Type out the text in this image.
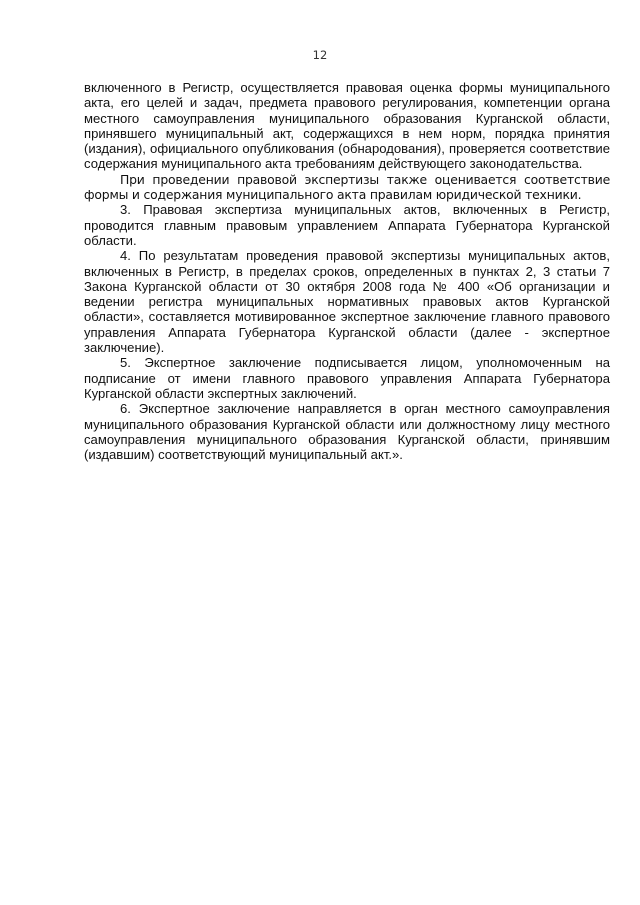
12

включенного в Регистр, осуществляется правовая оценка формы муниципального акта, его целей и задач, предмета правового регулирования, компетенции органа местного самоуправления муниципального образования Курганской области, принявшего муниципальный акт, содержащихся в нем норм, порядка принятия (издания), официального опубликования (обнародования), проверяется соответствие содержания муниципального акта требованиям действующего законодательства.

При проведении правовой экспертизы также оценивается соответствие формы и содержания муниципального акта правилам юридической техники.

3. Правовая экспертиза муниципальных актов, включенных в Регистр, проводится главным правовым управлением Аппарата Губернатора Курганской области.

4. По результатам проведения правовой экспертизы муниципальных актов, включенных в Регистр, в пределах сроков, определенных в пунктах 2, 3 статьи 7 Закона Курганской области от 30 октября 2008 года № 400 «Об организации и ведении регистра муниципальных нормативных правовых актов Курганской области», составляется мотивированное экспертное заключение главного правового управления Аппарата Губернатора Курганской области (далее - экспертное заключение).

5. Экспертное заключение подписывается лицом, уполномоченным на подписание от имени главного правового управления Аппарата Губернатора Курганской области экспертных заключений.

6. Экспертное заключение направляется в орган местного самоуправления муниципального образования Курганской области или должностному лицу местного самоуправления муниципального образования Курганской области, принявшим (издавшим) соответствующий муниципальный акт.».
